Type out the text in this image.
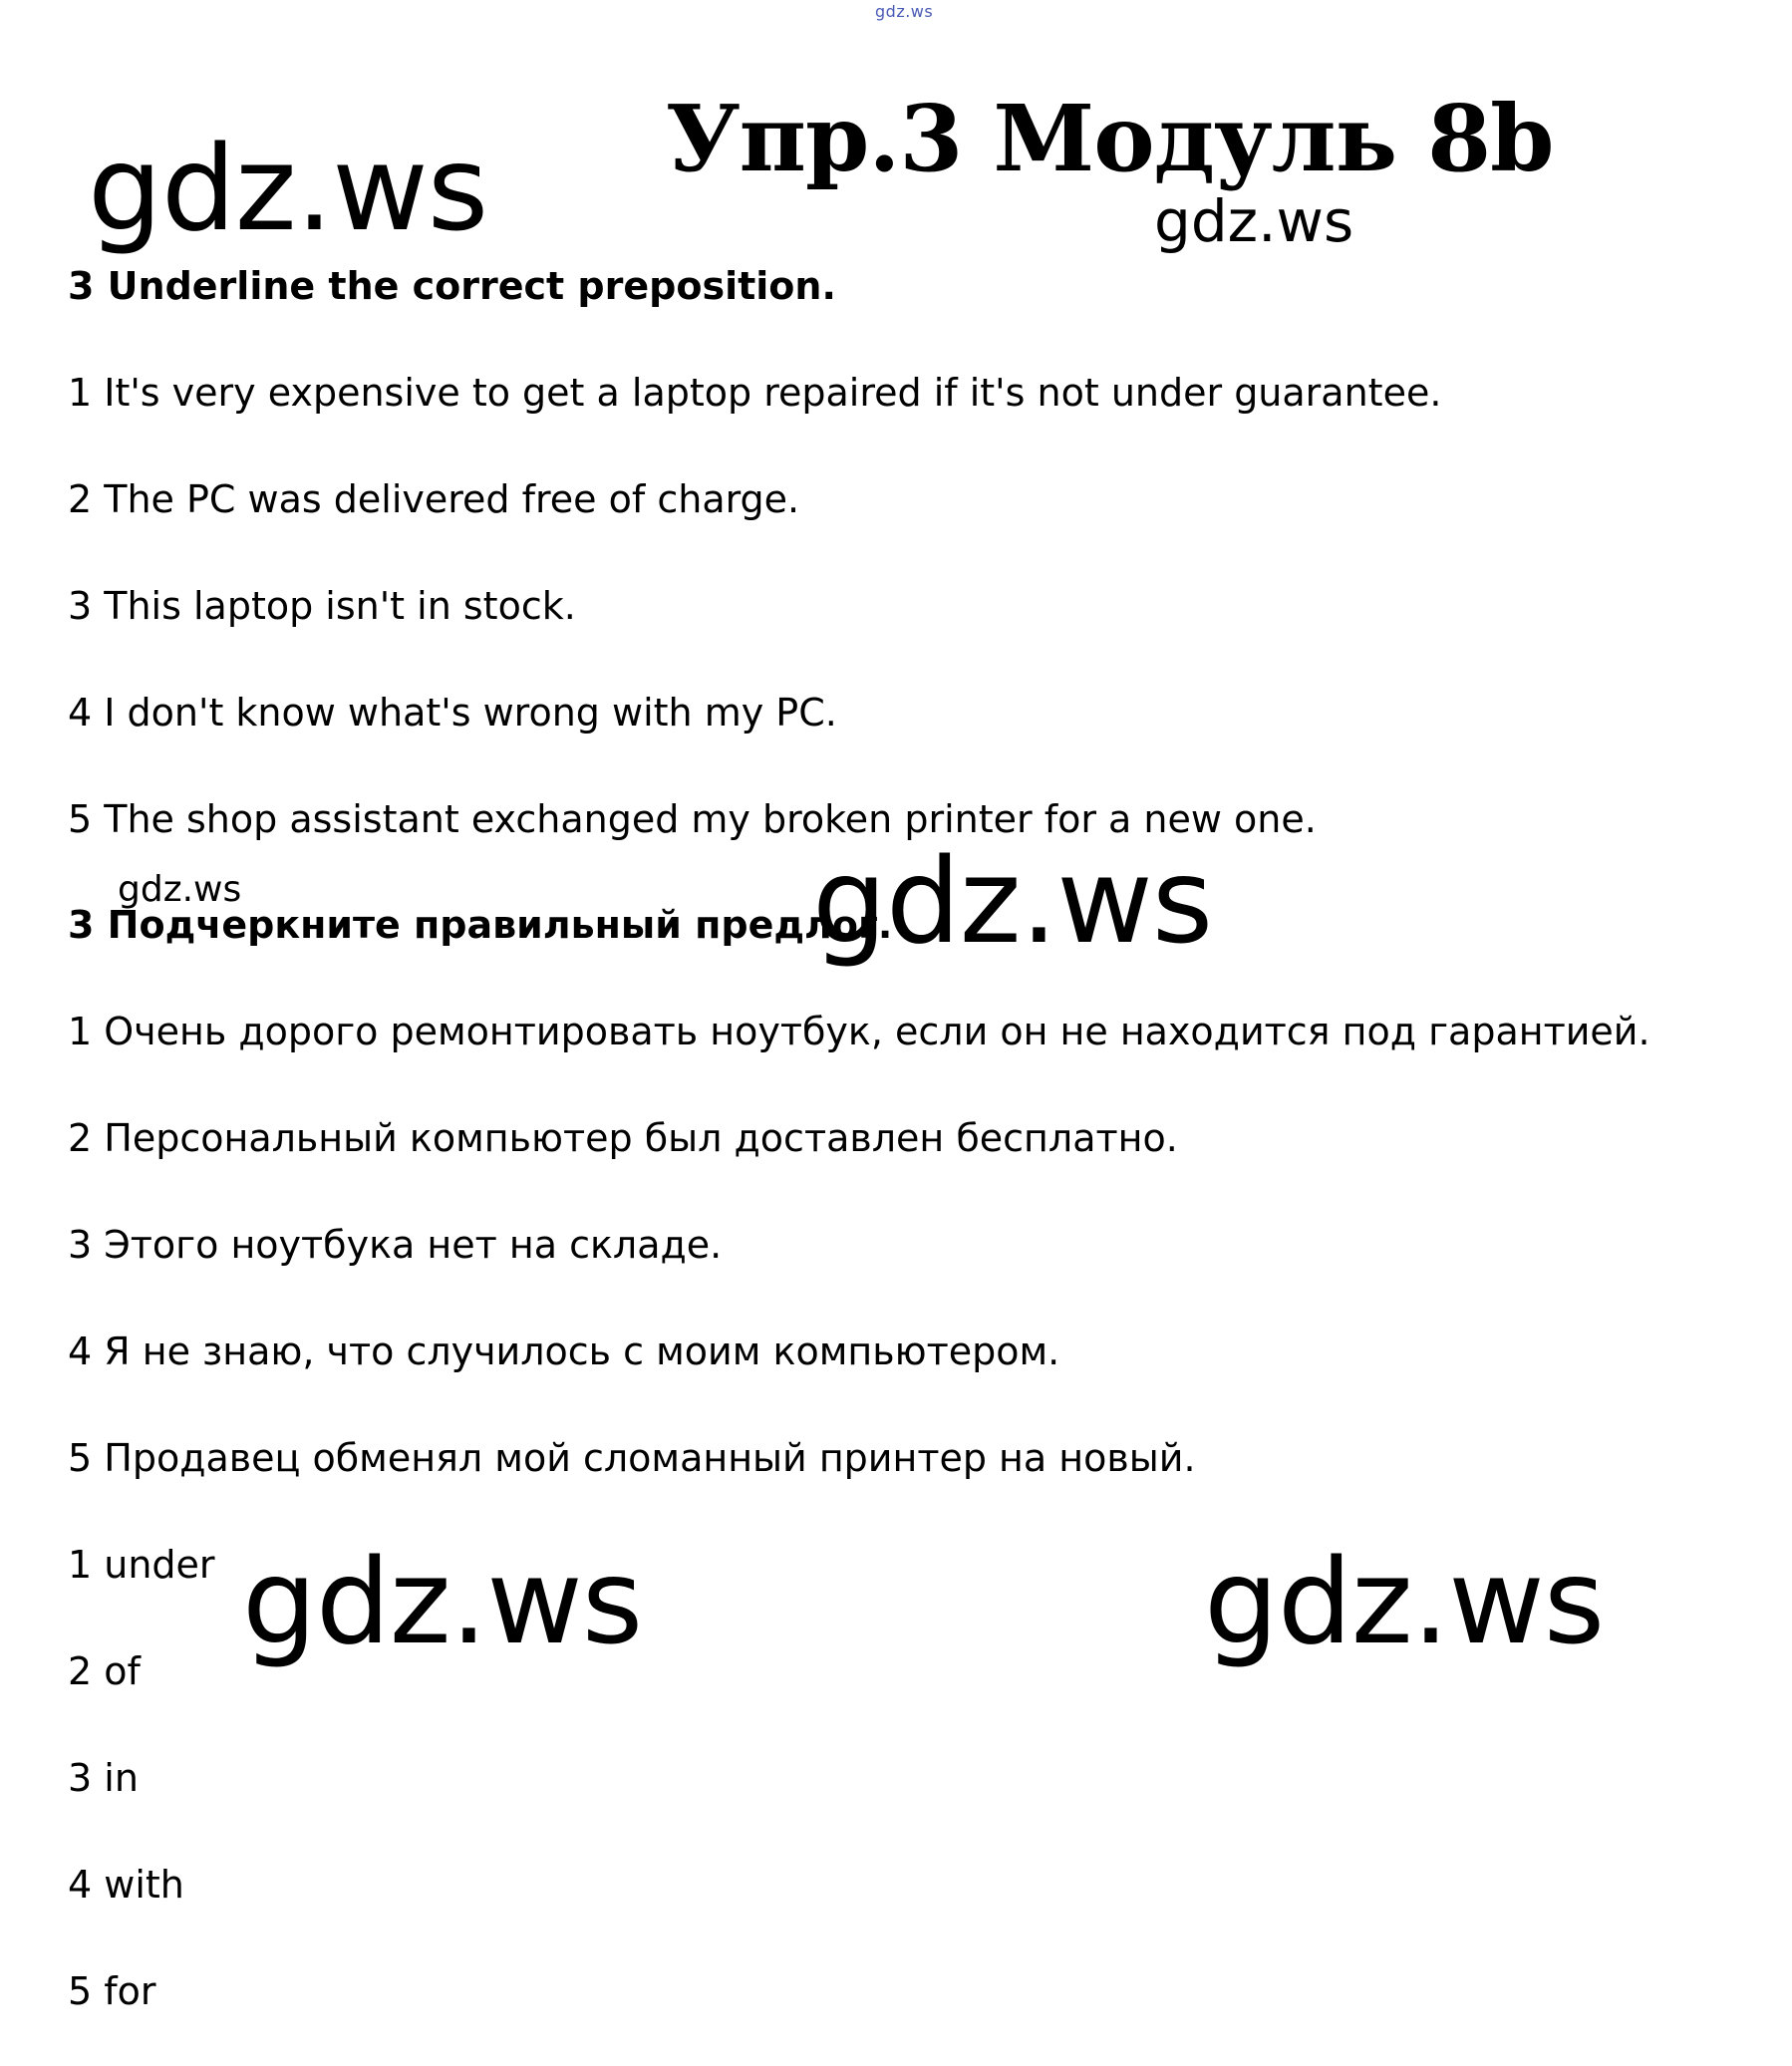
gdz.ws
Упр.3 Модуль 8b
gdz.ws	gdz.ws
3 Underline the correct preposition.
1 It's very expensive to get a laptop repaired if it's not under guarantee.
2 The PC was delivered free of charge.
3 This laptop isn't in stock.
4 I don't know what's wrong with my PC.
5 The shop assistant exchanged my broken printer for a new one.
gdz.ws
3 Подчеркните правильный предлог.
gdz.ws
1 Очень дорого ремонтировать ноутбук, если он не находится под гарантией.
2 Персональный компьютер был доставлен бесплатно.
3 Этого ноутбука нет на складе.
4 Я не знаю, что случилось с моим компьютером.
5 Продавец обменял мой сломанный принтер на новый.
1 under
2 of
3 in
4 with
5 for
gdz.ws	gdz.ws
